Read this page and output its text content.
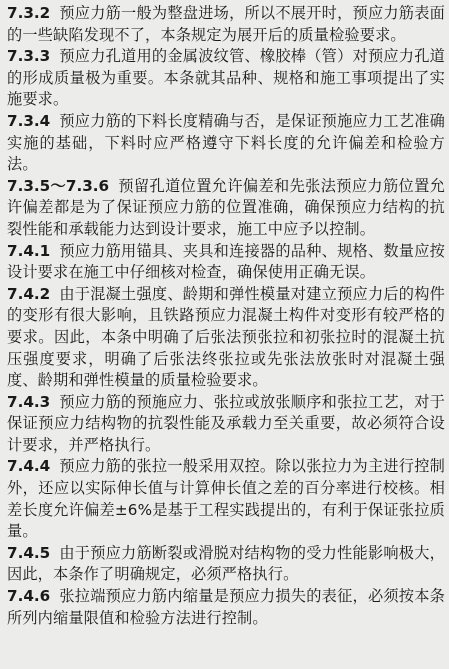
7.3.2 预应力筋一般为整盘进场，所以不展开时，预应力筋表面的一些缺陷发现不了，本条规定为展开后的质量检验要求。

7.3.3 预应力孔道用的金属波纹管、橡胶棒（管）对预应力孔道的形成质量极为重要。本条就其品种、规格和施工事项提出了实施要求。

7.3.4 预应力筋的下料长度精确与否，是保证预施应力工艺准确实施的基础，下料时应严格遵守下料长度的允许偏差和检验方法。

7.3.5～7.3.6 预留孔道位置允许偏差和先张法预应力筋位置允许偏差都是为了保证预应力筋的位置准确，确保预应力结构的抗裂性能和承载能力达到设计要求，施工中应予以控制。

7.4.1 预应力筋用锚具、夹具和连接器的品种、规格、数量应按设计要求在施工中仔细核对检查，确保使用正确无误。

7.4.2 由于混凝土强度、龄期和弹性模量对建立预应力后的构件的变形有很大影响，且铁路预应力混凝土构件对变形有较严格的要求。因此，本条中明确了后张法预张拉和初张拉时的混凝土抗压强度要求，明确了后张法终张拉或先张法放张时对混凝土强度、龄期和弹性模量的质量检验要求。

7.4.3 预应力筋的预施应力、张拉或放张顺序和张拉工艺，对于保证预应力结构物的抗裂性能及承载力至关重要，故必须符合设计要求，并严格执行。

7.4.4 预应力筋的张拉一般采用双控。除以张拉力为主进行控制外，还应以实际伸长值与计算伸长值之差的百分率进行校核。相差长度允许偏差±6%是基于工程实践提出的，有利于保证张拉质量。

7.4.5 由于预应力筋断裂或滑脱对结构物的受力性能影响极大，因此，本条作了明确规定，必须严格执行。

7.4.6 张拉端预应力筋内缩量是预应力损失的表征，必须按本条所列内缩量限值和检验方法进行控制。
